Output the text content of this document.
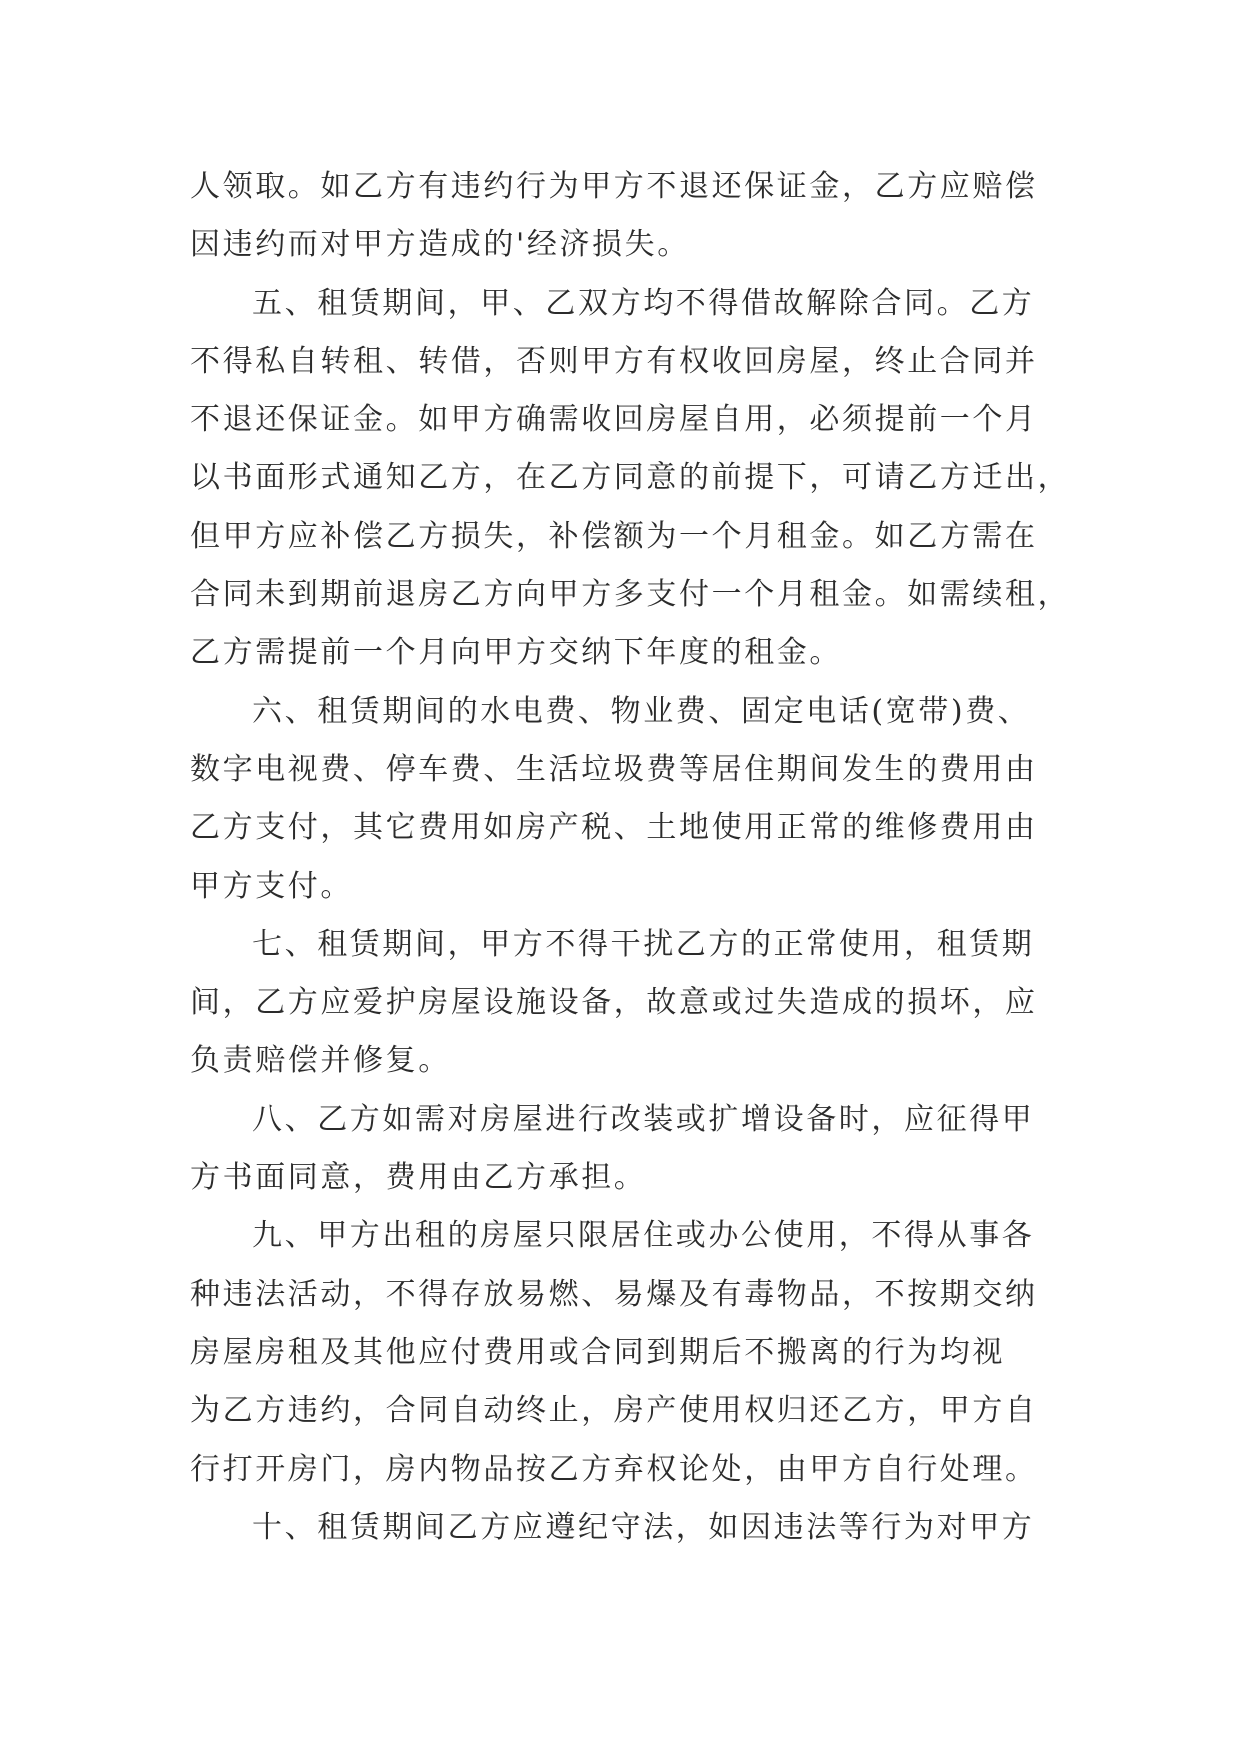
人领取。如乙方有违约行为甲方不退还保证金，乙方应赔偿
因违约而对甲方造成的'经济损失。
五、租赁期间，甲、乙双方均不得借故解除合同。乙方
不得私自转租、转借，否则甲方有权收回房屋，终止合同并
不退还保证金。如甲方确需收回房屋自用，必须提前一个月
以书面形式通知乙方，在乙方同意的前提下，可请乙方迁出，
但甲方应补偿乙方损失，补偿额为一个月租金。如乙方需在
合同未到期前退房乙方向甲方多支付一个月租金。如需续租，
乙方需提前一个月向甲方交纳下年度的租金。
六、租赁期间的水电费、物业费、固定电话(宽带)费、
数字电视费、停车费、生活垃圾费等居住期间发生的费用由
乙方支付，其它费用如房产税、土地使用正常的维修费用由
甲方支付。
七、租赁期间，甲方不得干扰乙方的正常使用，租赁期
间，乙方应爱护房屋设施设备，故意或过失造成的损坏，应
负责赔偿并修复。
八、乙方如需对房屋进行改装或扩增设备时，应征得甲
方书面同意，费用由乙方承担。
九、甲方出租的房屋只限居住或办公使用，不得从事各
种违法活动，不得存放易燃、易爆及有毒物品，不按期交纳
房屋房租及其他应付费用或合同到期后不搬离的行为均视
为乙方违约，合同自动终止，房产使用权归还乙方，甲方自
行打开房门，房内物品按乙方弃权论处，由甲方自行处理。
十、租赁期间乙方应遵纪守法，如因违法等行为对甲方
